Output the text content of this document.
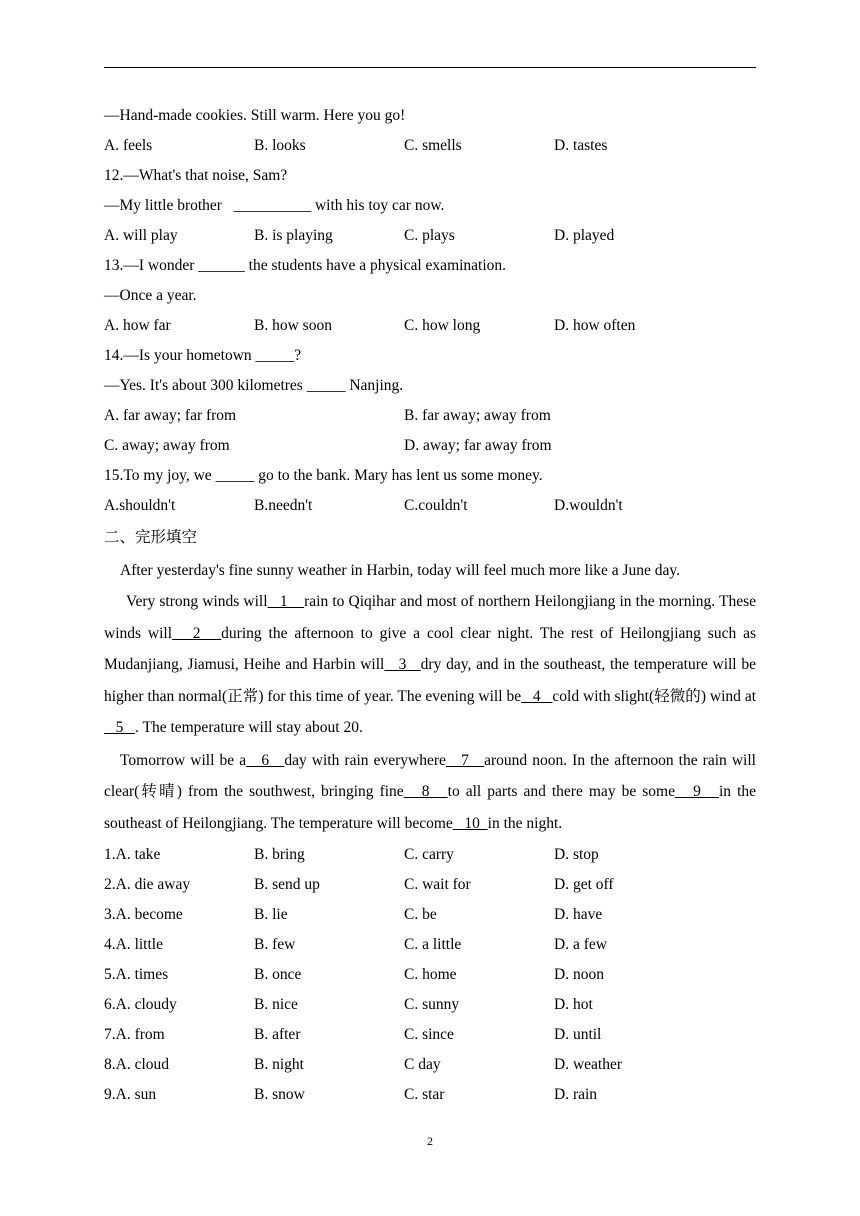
—Hand-made cookies. Still warm. Here you go!
A. feels	B. looks	C. smells	D. tastes
12.—What's that noise, Sam?
—My little brother   __________ with his toy car now.
A. will play	B. is playing	C. plays	D. played
13.—I wonder ______ the students have a physical examination.
—Once a year.
A. how far	B. how soon	C. how long	D. how often
14.—Is your hometown _____?
—Yes. It's about 300 kilometres _____ Nanjing.
A. far away; far from	B. far away; away from
C. away; away from	D. away; far away from
15.To my joy, we _____ go to the bank. Mary has lent us some money.
A.shouldn't	B.needn't	C.couldn't	D.wouldn't
二、完形填空
After yesterday's fine sunny weather in Harbin, today will feel much more like a June day.
Very strong winds will   1    rain to Qiqihar and most of northern Heilongjiang in the morning. These winds will   2   during the afternoon to give a cool clear night. The rest of Heilongjiang such as Mudanjiang, Jiamusi, Heihe and Harbin will   3   dry day, and in the southeast, the temperature will be higher than normal(正常) for this time of year. The evening will be   4   cold with slight(轻微的) wind at   5   . The temperature will stay about 20.
Tomorrow will be a   6   day with rain everywhere   7   around noon. In the afternoon the rain will clear(转晴) from the southwest, bringing fine   8   to all parts and there may be some   9   in the southeast of Heilongjiang. The temperature will become   10  in the night.
1.A. take	B. bring	C. carry	D. stop
2.A. die away	B. send up	C. wait for	D. get off
3.A. become	B. lie	C. be	D. have
4.A. little	B. few	C. a little	D. a few
5.A. times	B. once	C. home	D. noon
6.A. cloudy	B. nice	C. sunny	D. hot
7.A. from	B. after	C. since	D. until
8.A. cloud	B. night	C day	D. weather
9.A. sun	B. snow	C. star	D. rain
2
